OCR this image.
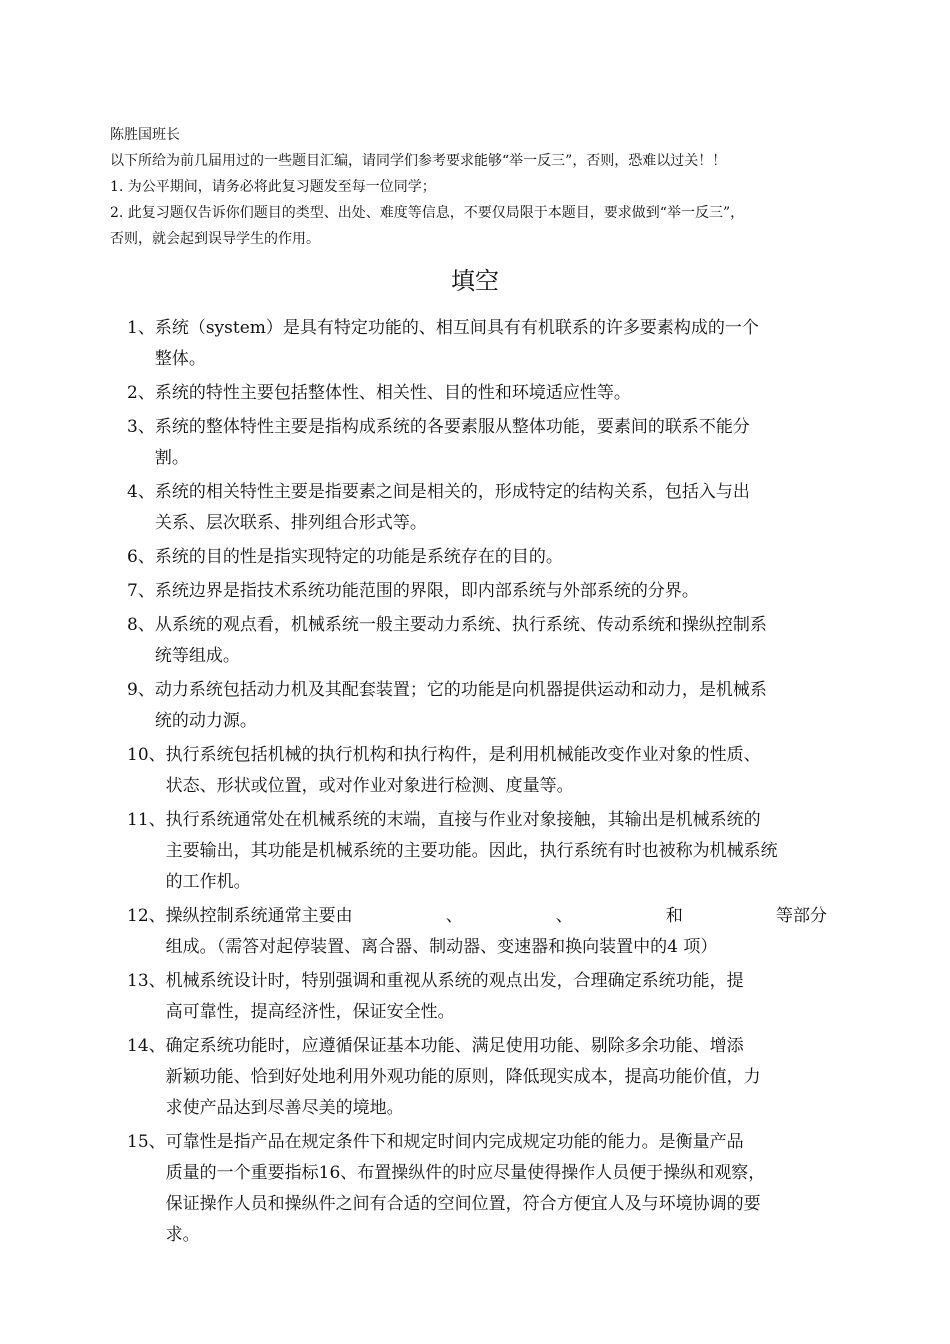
陈胜国班长

以下所给为前几届用过的一些题目汇编，请同学们参考要求能够“举一反三”，否则，恐难以过关！！

1. 为公平期间，请务必将此复习题发至每一位同学；

2. 此复习题仅告诉你们题目的类型、出处、难度等信息，不要仅局限于本题目，要求做到“举一反三”，

否则，就会起到误导学生的作用。

填空
1、 系统（system）是具有特定功能的、相互间具有有机联系的许多要素构成的一个
整体。
2、 系统的特性主要包括整体性、相关性、目的性和环境适应性等。
3、 系统的整体特性主要是指构成系统的各要素服从整体功能，要素间的联系不能分
割。
4、 系统的相关特性主要是指要素之间是相关的，形成特定的结构关系，包括入与出
关系、层次联系、排列组合形式等。
6、 系统的目的性是指实现特定的功能是系统存在的目的。
7、 系统边界是指技术系统功能范围的界限，即内部系统与外部系统的分界。
8、 从系统的观点看，机械系统一般主要动力系统、执行系统、传动系统和操纵控制系
统等组成。
9、 动力系统包括动力机及其配套装置；它的功能是向机器提供运动和动力，是机械系
统的动力源。
10、 执行系统包括机械的执行机构和执行构件，是利用机械能改变作业对象的性质、
状态、形状或位置，或对作业对象进行检测、度量等。
11、 执行系统通常处在机械系统的末端，直接与作业对象接触，其输出是机械系统的
主要输出，其功能是机械系统的主要功能。因此，执行系统有时也被称为机械系统
的工作机。
12、 操纵控制系统通常主要由	、	、	和	等部分
组成。（需答对起停装置、离合器、制动器、变速器和换向装置中的4 项）
13、 机械系统设计时，特别强调和重视从系统的观点出发，合理确定系统功能，提
高可靠性，提高经济性，保证安全性。
14、 确定系统功能时，应遵循保证基本功能、满足使用功能、剔除多余功能、增添
新颖功能、恰到好处地利用外观功能的原则，降低现实成本，提高功能价值，力
求使产品达到尽善尽美的境地。
15、 可靠性是指产品在规定条件下和规定时间内完成规定功能的能力。是衡量产品
质量的一个重要指标16、布置操纵件的时应尽量使得操作人员便于操纵和观察，
保证操作人员和操纵件之间有合适的空间位置，符合方便宜人及与环境协调的要
求。
